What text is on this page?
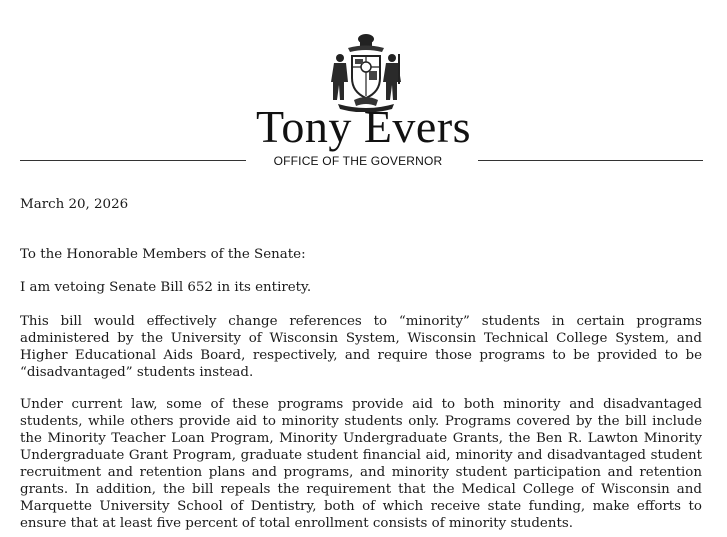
Tony Evers
OFFICE OF THE GOVERNOR
March 20, 2026
To the Honorable Members of the Senate:
I am vetoing Senate Bill 652 in its entirety.
This bill would effectively change references to “minority” students in certain programs administered by the University of Wisconsin System, Wisconsin Technical College System, and Higher Educational Aids Board, respectively, and require those programs to be provided to be “disadvantaged” students instead.
Under current law, some of these programs provide aid to both minority and disadvantaged students, while others provide aid to minority students only. Programs covered by the bill include the Minority Teacher Loan Program, Minority Undergraduate Grants, the Ben R. Lawton Minority Undergraduate Grant Program, graduate student financial aid, minority and disadvantaged student recruitment and retention plans and programs, and minority student participation and retention grants. In addition, the bill repeals the requirement that the Medical College of Wisconsin and Marquette University School of Dentistry, both of which receive state funding, make efforts to ensure that at least five percent of total enrollment consists of minority students.
